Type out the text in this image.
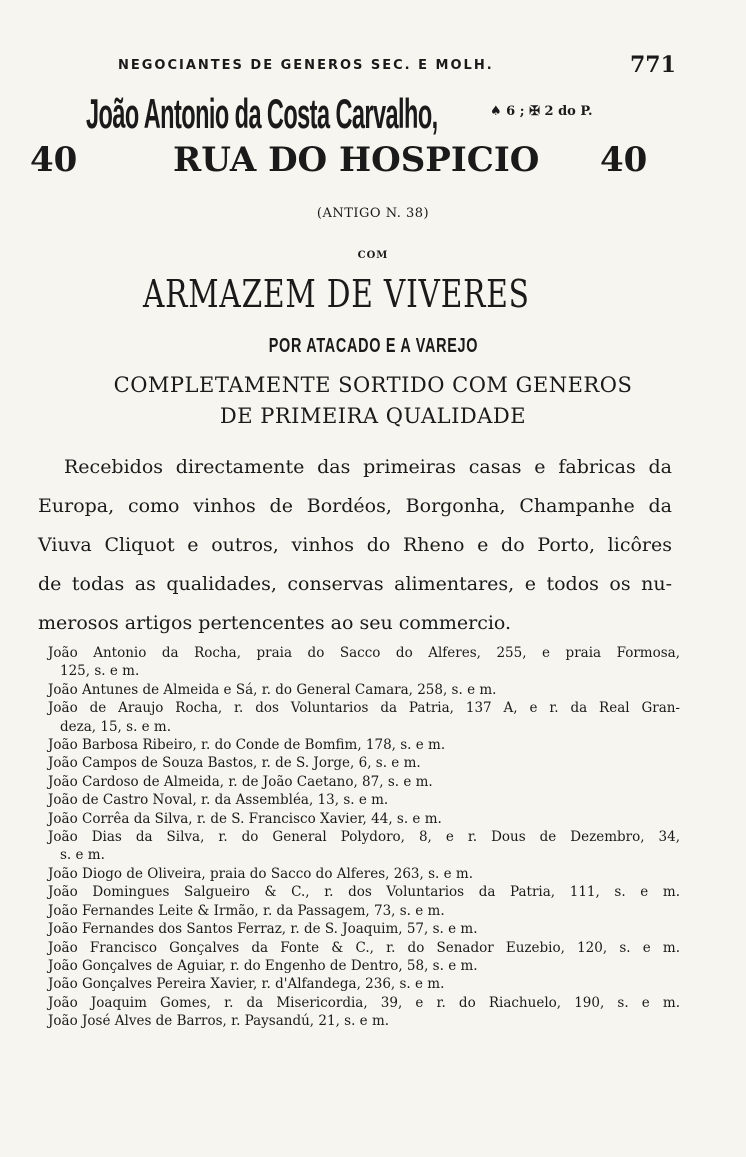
NEGOCIANTES DE GENEROS SEC. E MOLH.	771
João Antonio da Costa Carvalho,	♠ 6 ; ✠ 2 do P.
40	RUA DO HOSPICIO 40
(ANTIGO N. 38)
COM
ARMAZEM DE VIVERES
POR ATACADO E A VAREJO
COMPLETAMENTE SORTIDO COM GENEROS
DE PRIMEIRA QUALIDADE
Recebidos directamente das primeiras casas e fabricas da
Europa, como vinhos de Bordéos, Borgonha, Champanhe da
Viuva Cliquot e outros, vinhos do Rheno e do Porto, licôres
de todas as qualidades, conservas alimentares, e todos os nu-
merosos artigos pertencentes ao seu commercio.
João Antonio da Rocha, praia do Sacco do Alferes, 255, e praia Formosa,
125, s. e m.
João Antunes de Almeida e Sá, r. do General Camara, 258, s. e m.
João de Araujo Rocha, r. dos Voluntarios da Patria, 137 A, e r. da Real Gran-
deza, 15, s. e m.
João Barbosa Ribeiro, r. do Conde de Bomfim, 178, s. e m.
João Campos de Souza Bastos, r. de S. Jorge, 6, s. e m.
João Cardoso de Almeida, r. de João Caetano, 87, s. e m.
João de Castro Noval, r. da Assembléa, 13, s. e m.
João Corrêa da Silva, r. de S. Francisco Xavier, 44, s. e m.
João Dias da Silva, r. do General Polydoro, 8, e r. Dous de Dezembro, 34,
s. e m.
João Diogo de Oliveira, praia do Sacco do Alferes, 263, s. e m.
João Domingues Salgueiro & C., r. dos Voluntarios da Patria, 111, s. e m.
João Fernandes Leite & Irmão, r. da Passagem, 73, s. e m.
João Fernandes dos Santos Ferraz, r. de S. Joaquim, 57, s. e m.
João Francisco Gonçalves da Fonte & C., r. do Senador Euzebio, 120, s. e m.
João Gonçalves de Aguiar, r. do Engenho de Dentro, 58, s. e m.
João Gonçalves Pereira Xavier, r. d'Alfandega, 236, s. e m.
João Joaquim Gomes, r. da Misericordia, 39, e r. do Riachuelo, 190, s. e m.
João José Alves de Barros, r. Paysandú, 21, s. e m.
